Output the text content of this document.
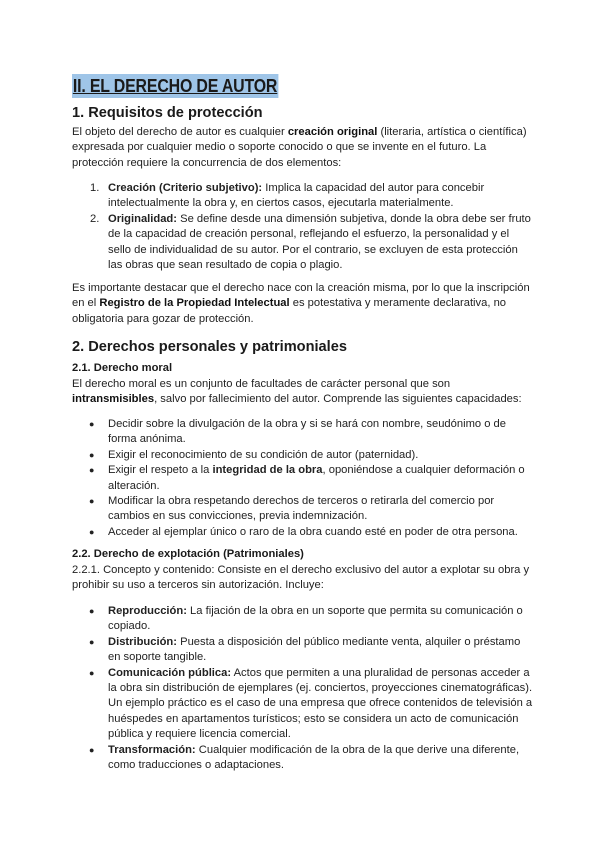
II. EL DERECHO DE AUTOR
1. Requisitos de protección
El objeto del derecho de autor es cualquier creación original (literaria, artística o científica) expresada por cualquier medio o soporte conocido o que se invente en el futuro. La protección requiere la concurrencia de dos elementos:
1. Creación (Criterio subjetivo): Implica la capacidad del autor para concebir intelectualmente la obra y, en ciertos casos, ejecutarla materialmente.
2. Originalidad: Se define desde una dimensión subjetiva, donde la obra debe ser fruto de la capacidad de creación personal, reflejando el esfuerzo, la personalidad y el sello de individualidad de su autor. Por el contrario, se excluyen de esta protección las obras que sean resultado de copia o plagio.
Es importante destacar que el derecho nace con la creación misma, por lo que la inscripción en el Registro de la Propiedad Intelectual es potestativa y meramente declarativa, no obligatoria para gozar de protección.
2. Derechos personales y patrimoniales
2.1. Derecho moral
El derecho moral es un conjunto de facultades de carácter personal que son intransmisibles, salvo por fallecimiento del autor. Comprende las siguientes capacidades:
● Decidir sobre la divulgación de la obra y si se hará con nombre, seudónimo o de forma anónima.
● Exigir el reconocimiento de su condición de autor (paternidad).
● Exigir el respeto a la integridad de la obra, oponiéndose a cualquier deformación o alteración.
● Modificar la obra respetando derechos de terceros o retirarla del comercio por cambios en sus convicciones, previa indemnización.
● Acceder al ejemplar único o raro de la obra cuando esté en poder de otra persona.
2.2. Derecho de explotación (Patrimoniales)
2.2.1. Concepto y contenido: Consiste en el derecho exclusivo del autor a explotar su obra y prohibir su uso a terceros sin autorización. Incluye:
● Reproducción: La fijación de la obra en un soporte que permita su comunicación o copiado.
● Distribución: Puesta a disposición del público mediante venta, alquiler o préstamo en soporte tangible.
● Comunicación pública: Actos que permiten a una pluralidad de personas acceder a la obra sin distribución de ejemplares (ej. conciertos, proyecciones cinematográficas). Un ejemplo práctico es el caso de una empresa que ofrece contenidos de televisión a huéspedes en apartamentos turísticos; esto se considera un acto de comunicación pública y requiere licencia comercial.
● Transformación: Cualquier modificación de la obra de la que derive una diferente, como traducciones o adaptaciones.
